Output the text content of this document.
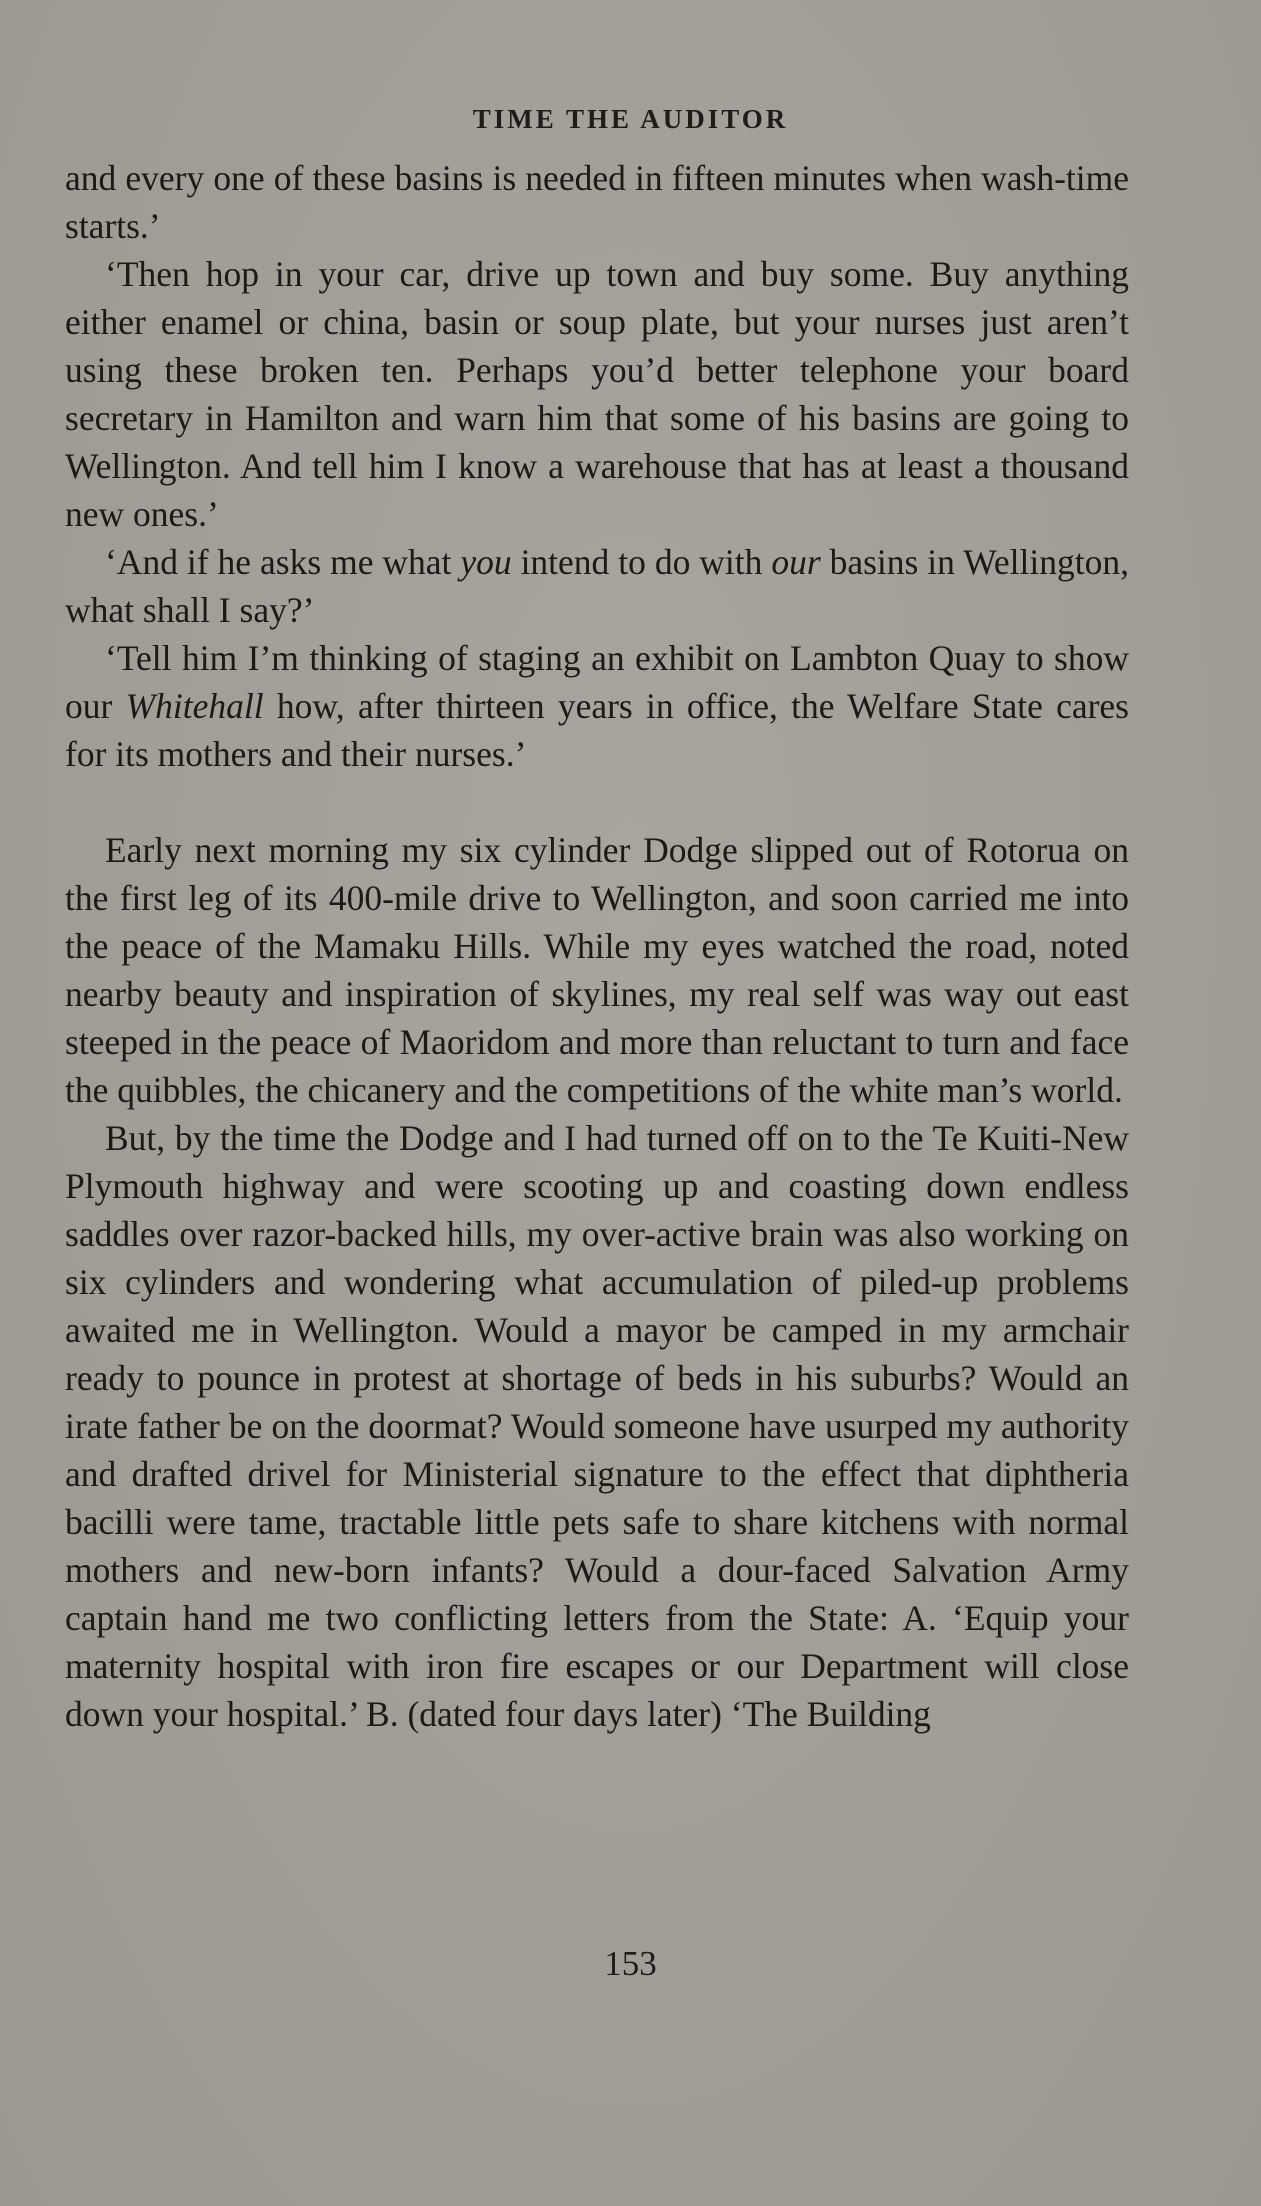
TIME THE AUDITOR

and every one of these basins is needed in fifteen minutes when wash-time starts.’

‘Then hop in your car, drive up town and buy some. Buy anything either enamel or china, basin or soup plate, but your nurses just aren’t using these broken ten. Perhaps you’d better telephone your board secretary in Hamilton and warn him that some of his basins are going to Wellington. And tell him I know a warehouse that has at least a thousand new ones.’

‘And if he asks me what you intend to do with our basins in Wellington, what shall I say?’

‘Tell him I’m thinking of staging an exhibit on Lambton Quay to show our Whitehall how, after thirteen years in office, the Welfare State cares for its mothers and their nurses.’

Early next morning my six cylinder Dodge slipped out of Rotorua on the first leg of its 400-mile drive to Wellington, and soon carried me into the peace of the Mamaku Hills. While my eyes watched the road, noted nearby beauty and inspiration of skylines, my real self was way out east steeped in the peace of Maoridom and more than reluctant to turn and face the quibbles, the chicanery and the competitions of the white man’s world.

But, by the time the Dodge and I had turned off on to the Te Kuiti-New Plymouth highway and were scooting up and coasting down endless saddles over razor-backed hills, my over-active brain was also working on six cylinders and wondering what accumulation of piled-up problems awaited me in Wellington. Would a mayor be camped in my armchair ready to pounce in protest at shortage of beds in his suburbs? Would an irate father be on the doormat? Would someone have usurped my authority and drafted drivel for Ministerial signature to the effect that diphtheria bacilli were tame, tractable little pets safe to share kitchens with normal mothers and new-born infants? Would a dour-faced Salvation Army captain hand me two conflicting letters from the State: A. ‘Equip your maternity hospital with iron fire escapes or our Department will close down your hospital.’ B. (dated four days later) ‘The Building

153
